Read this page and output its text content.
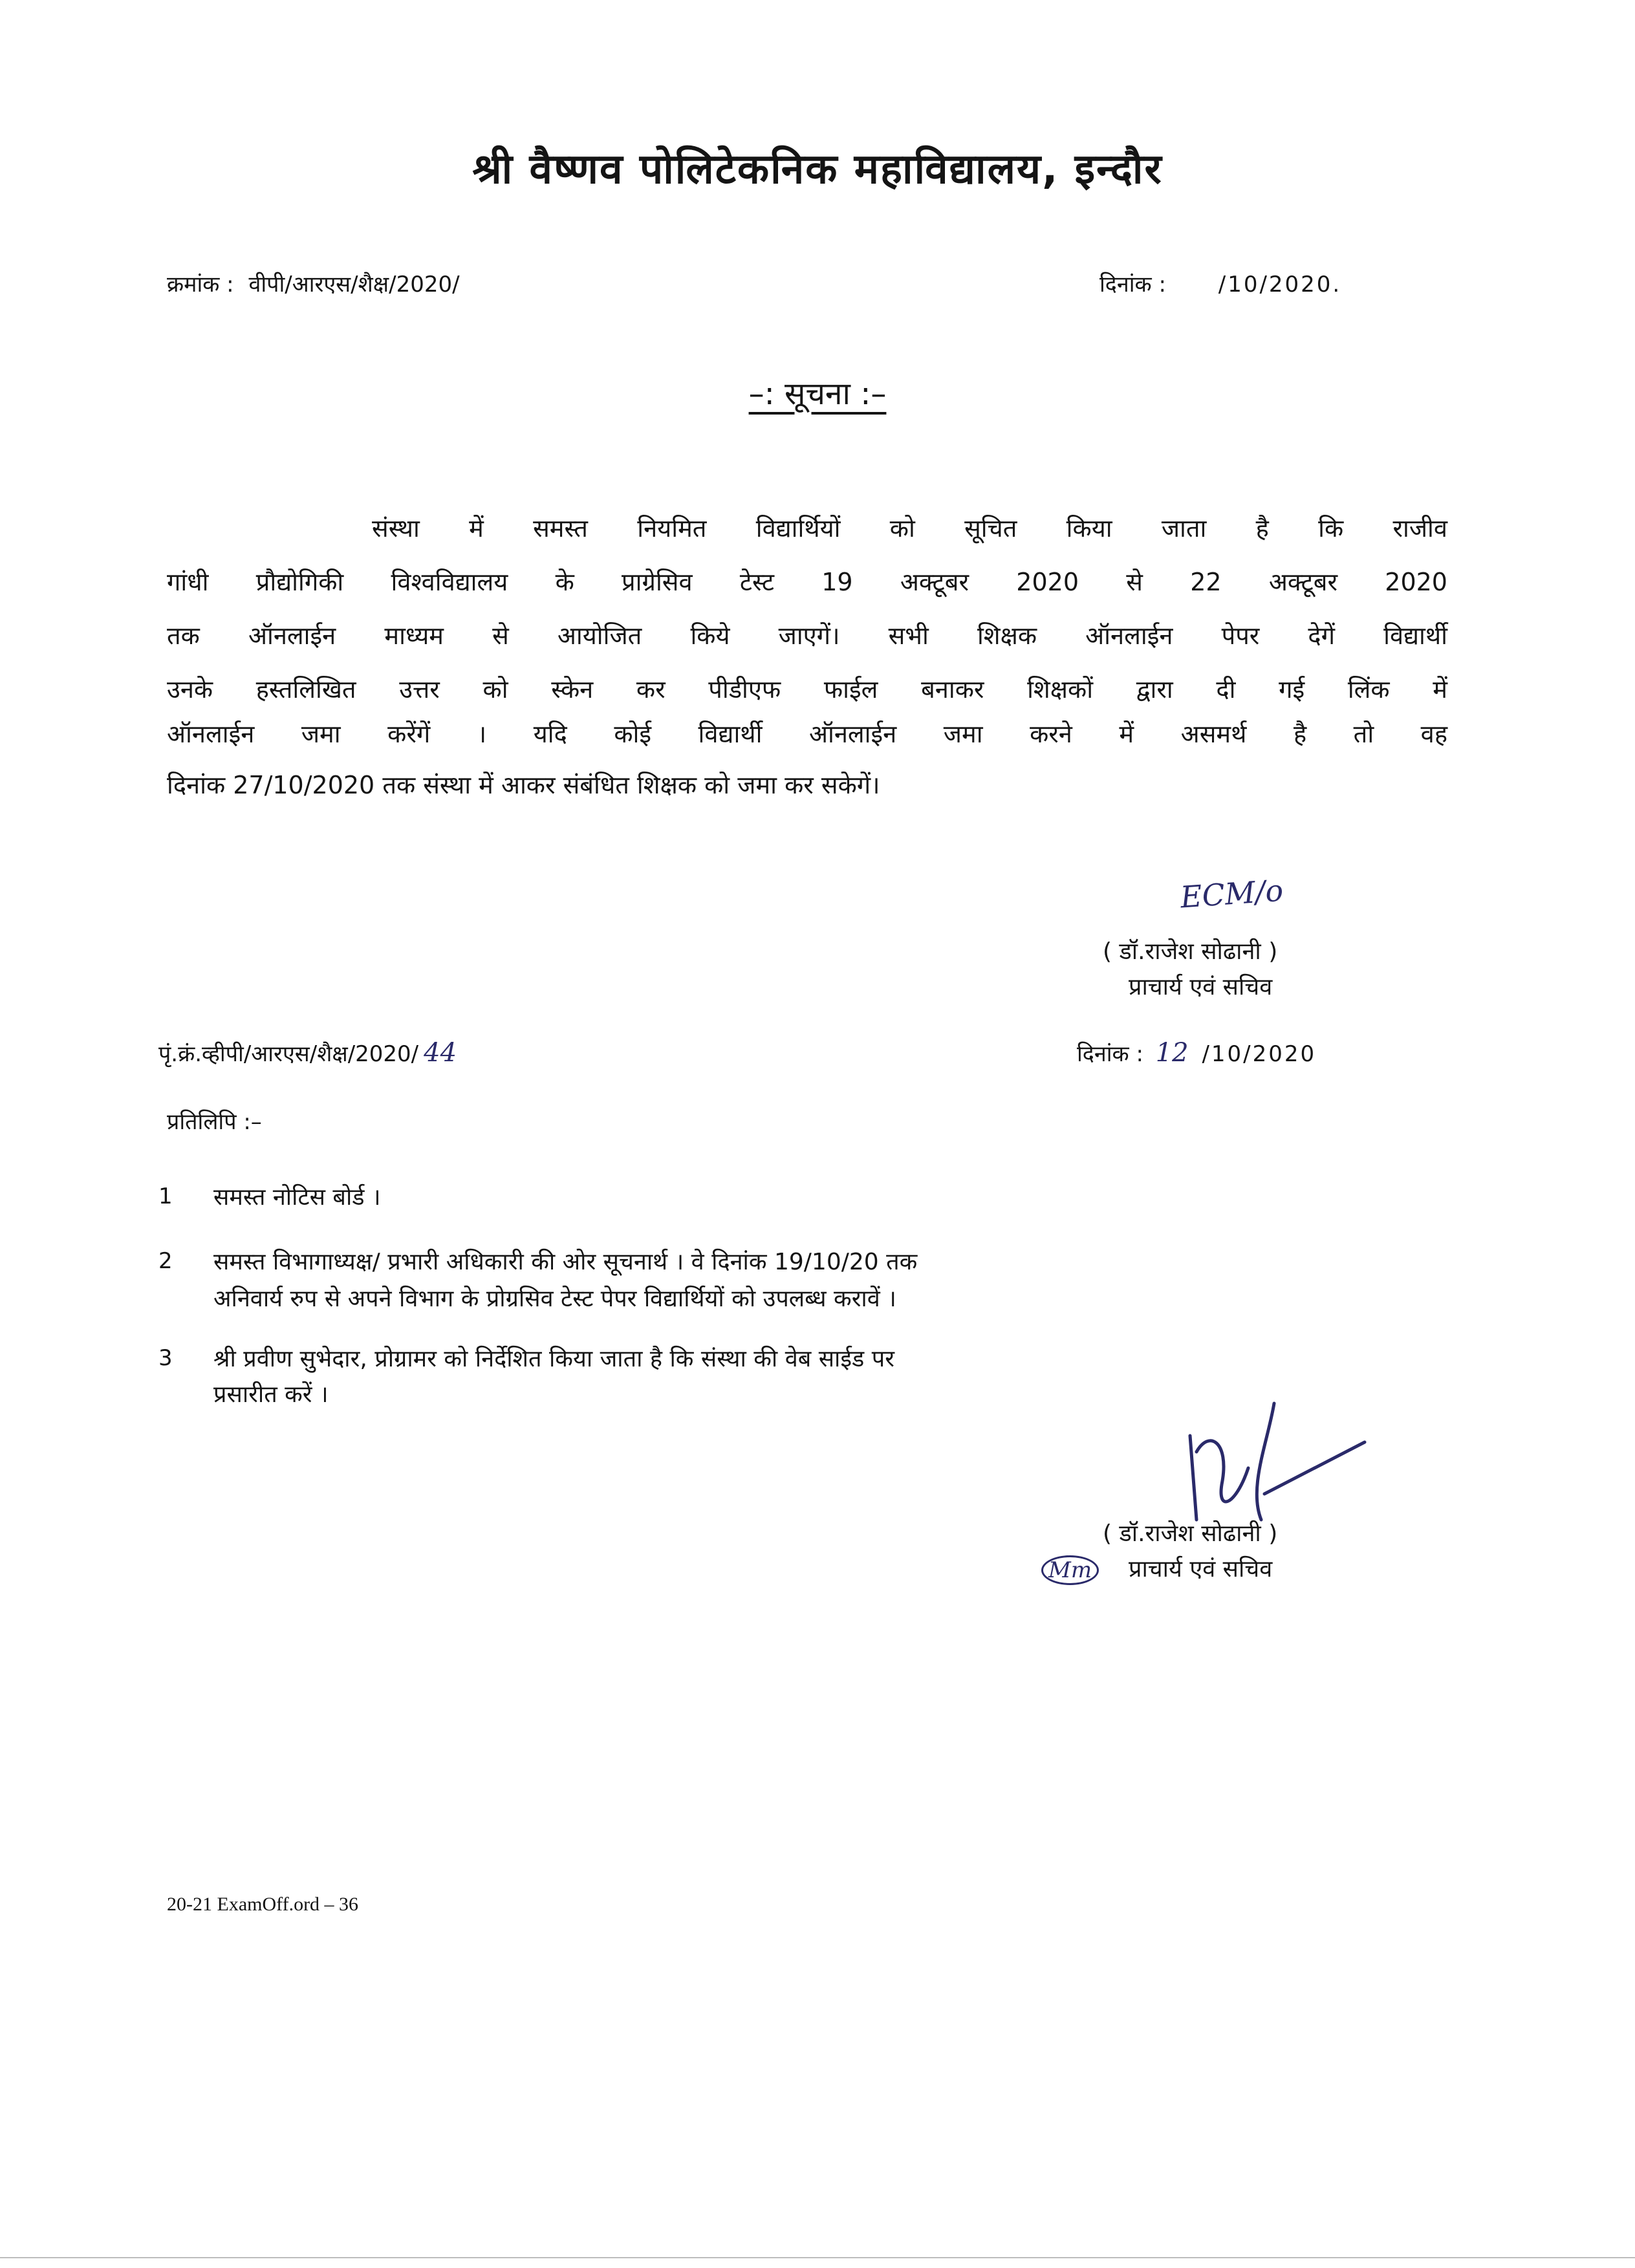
श्री वैष्णव पोलिटेकनिक महाविद्यालय, इन्दौर
क्रमांक : वीपी/आरएस/शैक्ष/2020/	दिनांक : /10/2020.
–: सूचना :–
संस्था में समस्त नियमित विद्यार्थियों को सूचित किया जाता है कि राजीव
गांधी प्रौद्योगिकी विश्वविद्यालय के प्राग्रेसिव टेस्ट 19 अक्टूबर 2020 से 22 अक्टूबर 2020
तक ऑनलाईन माध्यम से आयोजित किये जाएगें। सभी शिक्षक ऑनलाईन पेपर देगें विद्यार्थी
उनके हस्तलिखित उत्तर को स्केन कर पीडीएफ फाईल बनाकर शिक्षकों द्वारा दी गई लिंक में
ऑनलाईन जमा करेंगें । यदि कोई विद्यार्थी ऑनलाईन जमा करने में असमर्थ है तो वह
दिनांक 27/10/2020 तक संस्था में आकर संबंधित शिक्षक को जमा कर सकेगें।
ECM/o
( डॉ.राजेश सोढानी )
प्राचार्य एवं सचिव
पृं.क्रं.व्हीपी/आरएस/शैक्ष/2020/ 44	दिनांक : 12 /10/2020
प्रतिलिपि :–
1 समस्त नोटिस बोर्ड ।
2 समस्त विभागाध्यक्ष/ प्रभारी अधिकारी की ओर सूचनार्थ । वे दिनांक 19/10/20 तक
अनिवार्य रुप से अपने विभाग के प्रोग्रसिव टेस्ट पेपर विद्यार्थियों को उपलब्ध करावें ।
3 श्री प्रवीण सुभेदार, प्रोग्रामर को निर्देशित किया जाता है कि संस्था की वेब साईड पर
प्रसारीत करें ।
( डॉ.राजेश सोढानी )
Mm	प्राचार्य एवं सचिव
20-21 ExamOff.ord – 36
